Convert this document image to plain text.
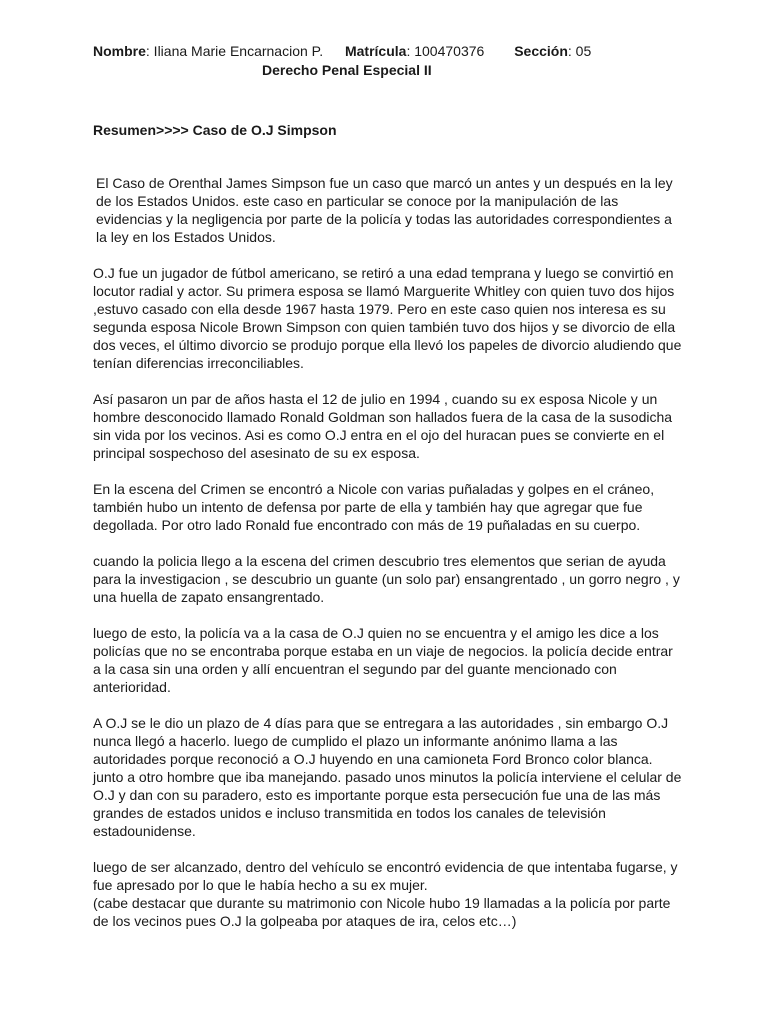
Nombre: Iliana Marie Encarnacion P. Matrícula: 100470376 Sección: 05
Derecho Penal Especial II
Resumen>>>> Caso de O.J Simpson

El Caso de Orenthal James Simpson fue un caso que marcó un antes y un después en la ley de los Estados Unidos. este caso en particular se conoce por la manipulación de las evidencias y la negligencia por parte de la policía y todas las autoridades correspondientes a la ley en los Estados Unidos.

O.J fue un jugador de fútbol americano, se retiró a una edad temprana y luego se convirtió en locutor radial y actor. Su primera esposa se llamó Marguerite Whitley con quien tuvo dos hijos ,estuvo casado con ella desde 1967 hasta 1979. Pero en este caso quien nos interesa es su segunda esposa Nicole Brown Simpson con quien también tuvo dos hijos y se divorcio de ella dos veces, el último divorcio se produjo porque ella llevó los papeles de divorcio aludiendo que tenían diferencias irreconciliables.

Así pasaron un par de años hasta el 12 de julio en 1994 , cuando su ex esposa Nicole y un hombre desconocido llamado Ronald Goldman son hallados fuera de la casa de la susodicha sin vida por los vecinos. Asi es como O.J entra en el ojo del huracan pues se convierte en el principal sospechoso del asesinato de su ex esposa.

En la escena del Crimen se encontró a Nicole con varias puñaladas y golpes en el cráneo, también hubo un intento de defensa por parte de ella y también hay que agregar que fue degollada. Por otro lado Ronald fue encontrado con más de 19 puñaladas en su cuerpo.

cuando la policia llego a la escena del crimen descubrio tres elementos que serian de ayuda para la investigacion , se descubrio un guante (un solo par) ensangrentado , un gorro negro , y una huella de zapato ensangrentado.

luego de esto, la policía va a la casa de O.J quien no se encuentra y el amigo les dice a los policías que no se encontraba porque estaba en un viaje de negocios. la policía decide entrar a la casa sin una orden y allí encuentran el segundo par del guante mencionado con anterioridad.

A O.J se le dio un plazo de 4 días para que se entregara a las autoridades , sin embargo O.J nunca llegó a hacerlo. luego de cumplido el plazo un informante anónimo llama a las autoridades porque reconoció a O.J huyendo en una camioneta Ford Bronco color blanca. junto a otro hombre que iba manejando. pasado unos minutos la policía interviene el celular de O.J y dan con su paradero, esto es importante porque esta persecución fue una de las más grandes de estados unidos e incluso transmitida en todos los canales de televisión estadounidense.

luego de ser alcanzado, dentro del vehículo se encontró evidencia de que intentaba fugarse, y fue apresado por lo que le había hecho a su ex mujer.
(cabe destacar que durante su matrimonio con Nicole hubo 19 llamadas a la policía por parte de los vecinos pues O.J la golpeaba por ataques de ira, celos etc…)
